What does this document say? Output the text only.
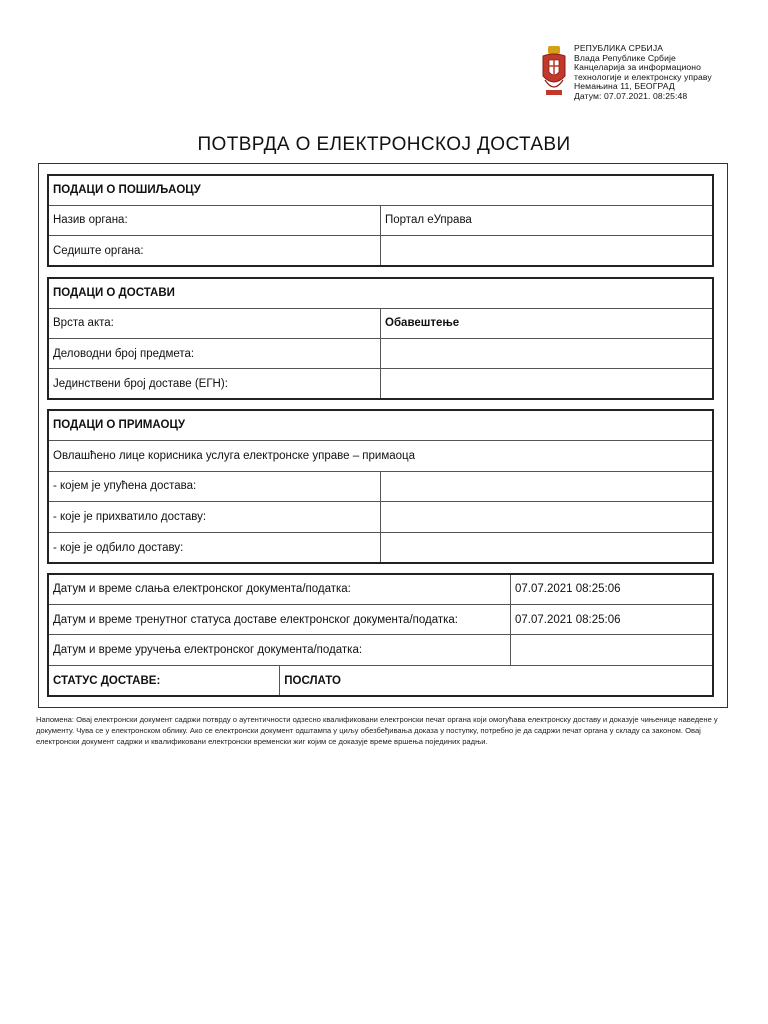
РЕПУБЛИКА СРБИЈА
Влада Републике Србије
Канцеларија за информационо
технологије и електронску управу
Немањина 11, БЕОГРАД
Датум: 07.07.2021. 08:25:48
ПОТВРДА О ЕЛЕКТРОНСКОЈ ДОСТАВИ
ПОДАЦИ О ПОШИЉАОЦУ	
Назив органа:	Портал еУправа
Седиште органа:	
ПОДАЦИ О ДОСТАВИ	
Врста акта:	Обавештење
Деловодни број предмета:	
Јединствени број доставе (ЕГН):	
ПОДАЦИ О ПРИМАОЦУ	
Овлашћено лице корисника услуга електронске управе – примаоца	
- којем је упућена достава:	
- које је прихватило доставу:	
- које је одбило доставу:	
Датум и време слања електронског документа/податка:		07.07.2021 08:25:06
Датум и време тренутног статуса доставе електронског документа/податка:		07.07.2021 08:25:06
Датум и време уручења електронског документа/податка:		
СТАТУС ДОСТАВЕ:	ПОСЛАТО	
Напомена: Овај електронски документ садржи потврду о аутентичности одзесно квалификовани електронски печат органа који омогућава електронску доставу и доказује чињенице наведене у документу. Чува се у електронском облику. Ако се електронски документ одштампа у циљу обезбеђивања доказа у поступку, потребно је да садржи печат органа у складу са законом. Овај електронски документ садржи и квалификовани електронски временски жиг којим се доказује време вршења појединих радњи.
